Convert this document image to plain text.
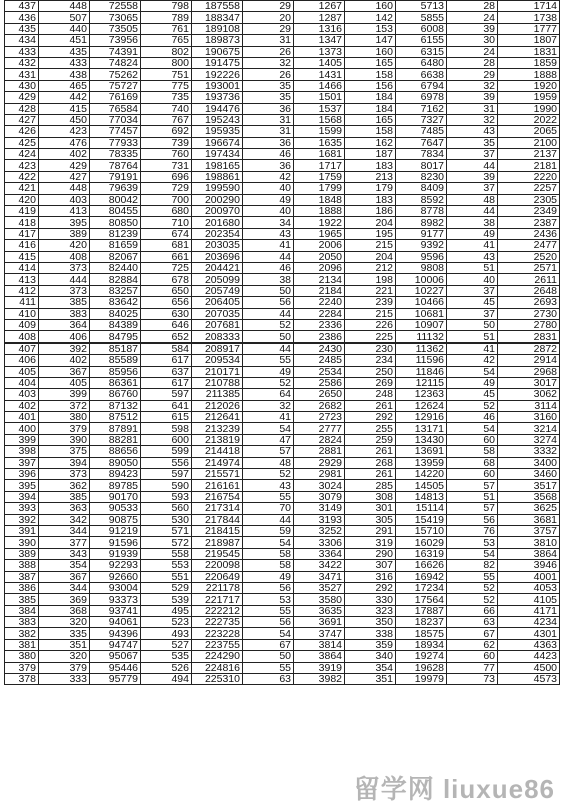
437	448	72558	798	187558	29	1267	160	5713	28	1714
436	507	73065	789	188347	20	1287	142	5855	24	1738
435	440	73505	761	189108	29	1316	153	6008	39	1777
434	451	73956	765	189873	31	1347	147	6155	30	1807
433	435	74391	802	190675	26	1373	160	6315	24	1831
432	433	74824	800	191475	32	1405	165	6480	28	1859
431	438	75262	751	192226	26	1431	158	6638	29	1888
430	465	75727	775	193001	35	1466	156	6794	32	1920
429	442	76169	735	193736	35	1501	184	6978	39	1959
428	415	76584	740	194476	36	1537	184	7162	31	1990
427	450	77034	767	195243	31	1568	165	7327	32	2022
426	423	77457	692	195935	31	1599	158	7485	43	2065
425	476	77933	739	196674	36	1635	162	7647	35	2100
424	402	78335	760	197434	46	1681	187	7834	37	2137
423	429	78764	731	198165	36	1717	183	8017	44	2181
422	427	79191	696	198861	42	1759	213	8230	39	2220
421	448	79639	729	199590	40	1799	179	8409	37	2257
420	403	80042	700	200290	49	1848	183	8592	48	2305
419	413	80455	680	200970	40	1888	186	8778	44	2349
418	395	80850	710	201680	34	1922	204	8982	38	2387
417	389	81239	674	202354	43	1965	195	9177	49	2436
416	420	81659	681	203035	41	2006	215	9392	41	2477
415	408	82067	661	203696	44	2050	204	9596	43	2520
414	373	82440	725	204421	46	2096	212	9808	51	2571
413	444	82884	678	205099	38	2134	198	10006	40	2611
412	373	83257	650	205749	50	2184	221	10227	37	2648
411	385	83642	656	206405	56	2240	239	10466	45	2693
410	383	84025	630	207035	44	2284	215	10681	37	2730
409	364	84389	646	207681	52	2336	226	10907	50	2780
408	406	84795	652	208333	50	2386	225	11132	51	2831
407	392	85187	584	208917	44	2430	230	11362	41	2872
406	402	85589	617	209534	55	2485	234	11596	42	2914
405	367	85956	637	210171	49	2534	250	11846	54	2968
404	405	86361	617	210788	52	2586	269	12115	49	3017
403	399	86760	597	211385	64	2650	248	12363	45	3062
402	372	87132	641	212026	32	2682	261	12624	52	3114
401	380	87512	615	212641	41	2723	292	12916	46	3160
400	379	87891	598	213239	54	2777	255	13171	54	3214
399	390	88281	600	213819	47	2824	259	13430	60	3274
398	375	88656	599	214418	57	2881	261	13691	58	3332
397	394	89050	556	214974	48	2929	268	13959	68	3400
396	373	89423	597	215571	52	2981	261	14220	60	3460
395	362	89785	590	216161	43	3024	285	14505	57	3517
394	385	90170	593	216754	55	3079	308	14813	51	3568
393	363	90533	560	217314	70	3149	301	15114	57	3625
392	342	90875	530	217844	44	3193	305	15419	56	3681
391	344	91219	571	218415	59	3252	291	15710	76	3757
390	377	91596	572	218987	54	3306	319	16029	53	3810
389	343	91939	558	219545	58	3364	290	16319	54	3864
388	354	92293	553	220098	58	3422	307	16626	82	3946
387	367	92660	551	220649	49	3471	316	16942	55	4001
386	344	93004	529	221178	56	3527	292	17234	52	4053
385	369	93373	539	221717	53	3580	330	17564	52	4105
384	368	93741	495	222212	55	3635	323	17887	66	4171
383	320	94061	523	222735	56	3691	350	18237	63	4234
382	335	94396	493	223228	54	3747	338	18575	67	4301
381	351	94747	527	223755	67	3814	359	18934	62	4363
380	320	95067	535	224290	50	3864	340	19274	60	4423
379	379	95446	526	224816	55	3919	354	19628	77	4500
378	333	95779	494	225310	63	3982	351	19979	73	4573
留学网 liuxue86
